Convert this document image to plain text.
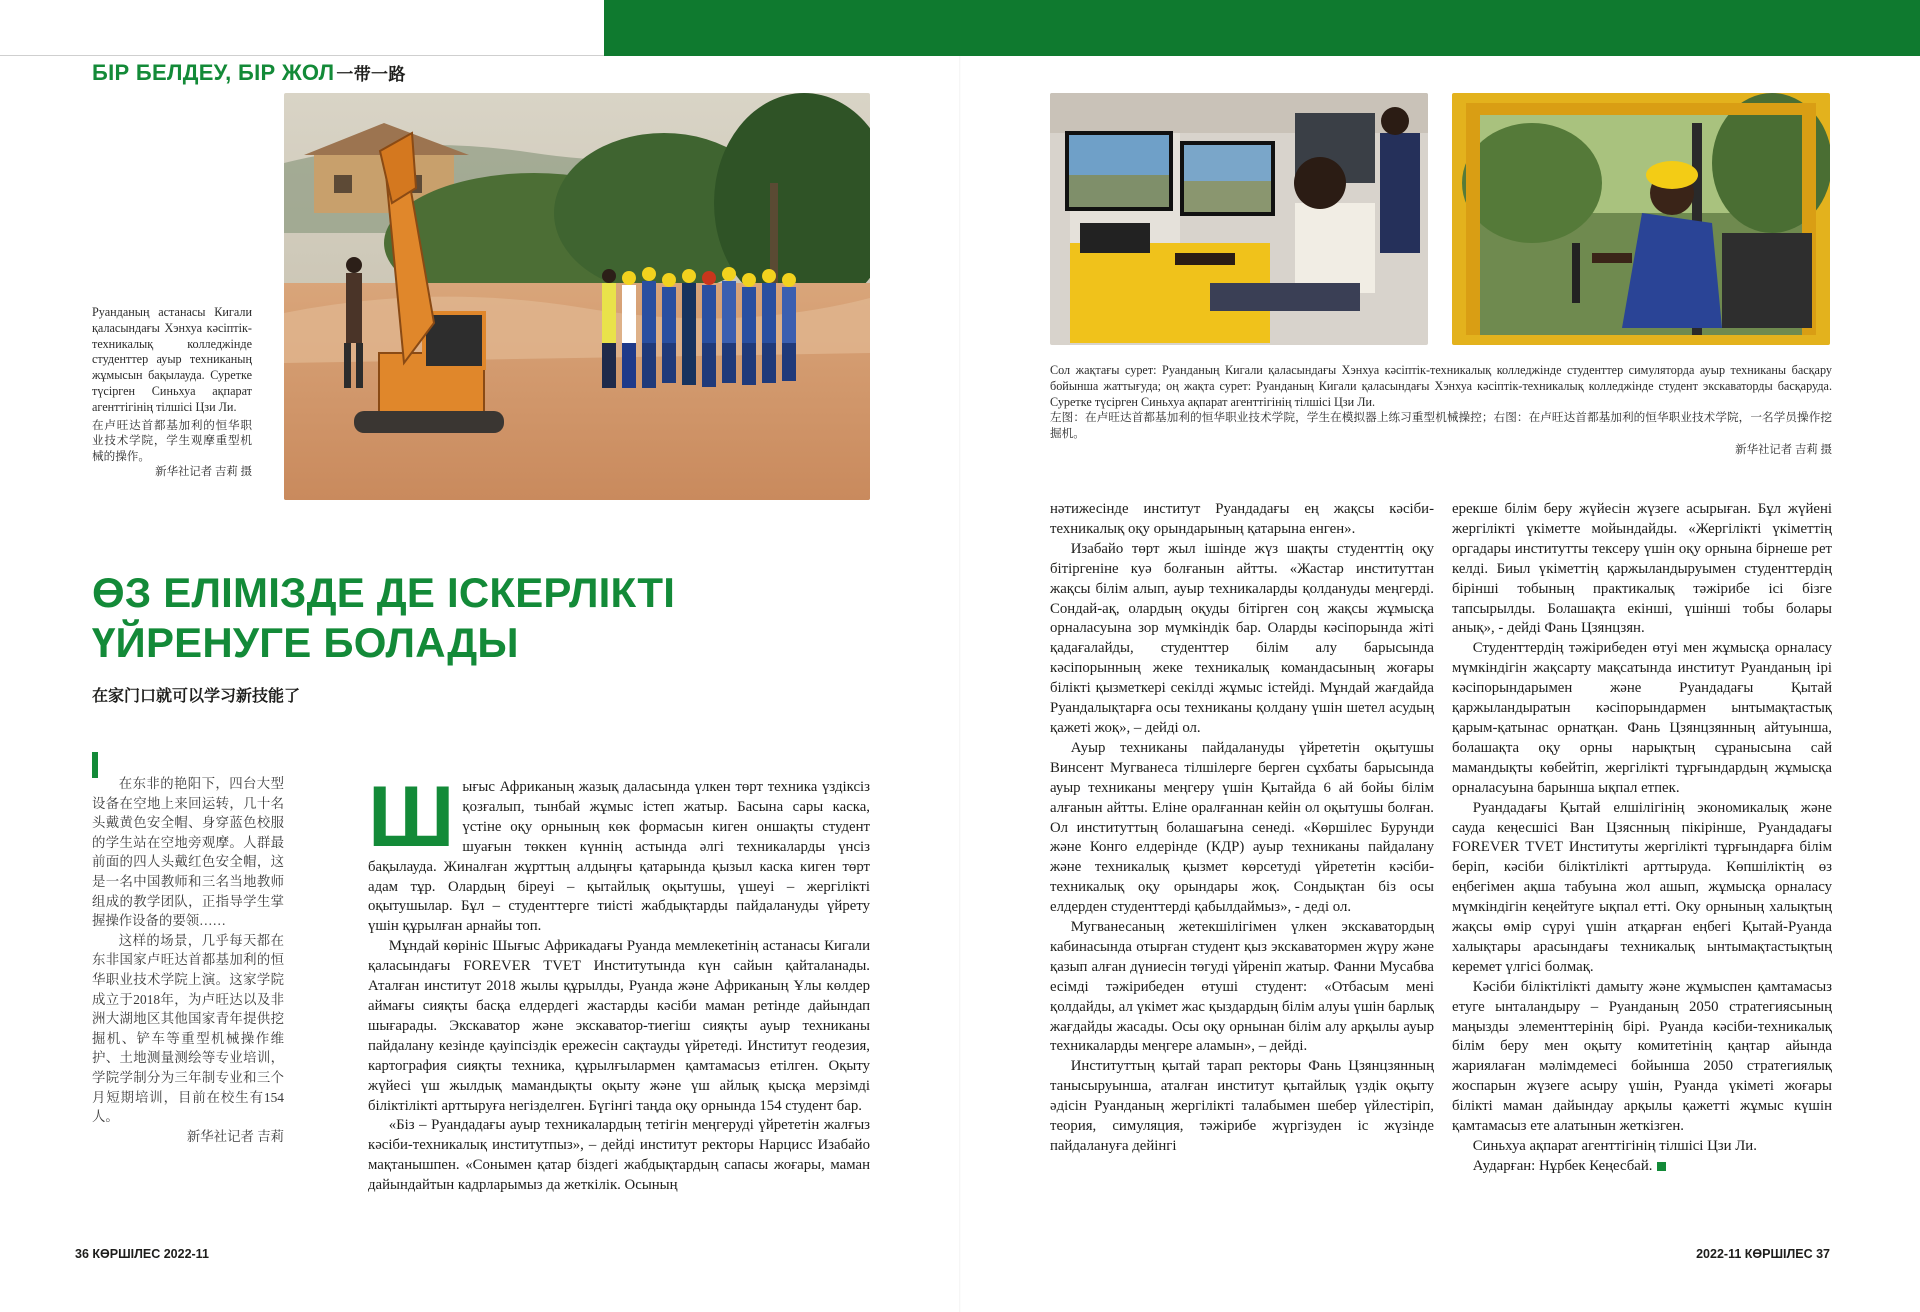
БІР БЕЛДЕУ, БІР ЖОЛ 一带一路
Руанданың астанасы Кигали қаласындағы Хэнхуа кәсіптік-техникалық колледжінде студенттер ауыр техниканың жұмысын бақылауда. Суретке түсірген Синьхуа ақпарат агенттігінің тілшісі Цзи Ли.
在卢旺达首都基加利的恒华职业技术学院，学生观摩重型机械的操作。
新华社记者 吉莉 摄
Сол жақтағы сурет: Руанданың Кигали қаласындағы Хэнхуа кәсіптік-техникалық колледжінде студенттер симуляторда ауыр техниканы басқару бойынша жаттығуда; оң жақта сурет: Руанданың Кигали қаласындағы Хэнхуа кәсіптік-техникалық колледжінде студент экскаваторды басқаруда. Суретке түсірген Синьхуа ақпарат агенттігінің тілшісі Цзи Ли.
左图：在卢旺达首都基加利的恒华职业技术学院，学生在模拟器上练习重型机械操控；右图：在卢旺达首都基加利的恒华职业技术学院，一名学员操作挖掘机。
新华社记者 吉莉 摄
ӨЗ ЕЛІМІЗДЕ ДЕ ІСКЕРЛІКТІ ҮЙРЕНУГЕ БОЛАДЫ
在家门口就可以学习新技能了

在东非的艳阳下，四台大型设备在空地上来回运转，几十名头戴黄色安全帽、身穿蓝色校服的学生站在空地旁观摩。人群最前面的四人头戴红色安全帽，这是一名中国教师和三名当地教师组成的教学团队，正指导学生掌握操作设备的要领……

这样的场景，几乎每天都在东非国家卢旺达首都基加利的恒华职业技术学院上演。这家学院成立于2018年，为卢旺达以及非洲大湖地区其他国家青年提供挖掘机、铲车等重型机械操作维护、土地测量测绘等专业培训，学院学制分为三年制专业和三个月短期培训，目前在校生有154人。

新华社记者 吉莉

Шығыс Африканың жазық даласында үлкен төрт техника үздіксіз қозғалып, тынбай жұмыс істеп жатыр. Басына сары каска, үстіне оқу орнының көк формасын киген оншақты студент шуағын төккен күннің астында әлгі техникаларды үнсіз бақылауда. Жиналған жұрттың алдыңғы қатарында қызыл каска киген төрт адам тұр. Олардың біреуі – қытайлық оқытушы, үшеуі – жергілікті оқытушылар. Бұл – студенттерге тиісті жабдықтарды пайдалануды үйрету үшін құрылған арнайы топ.

Мұндай көрініс Шығыс Африкадағы Руанда мемлекетінің астанасы Кигали қаласындағы FOREVER TVET Институтында күн сайын қайталанады. Аталған институт 2018 жылы құрылды, Руанда және Африканың Ұлы көлдер аймағы сияқты басқа елдердегі жастарды кәсіби маман ретінде дайындап шығарады. Экскаватор және экскаватор-тиегіш сияқты ауыр техниканы пайдалану кезінде қауіпсіздік ережесін сақтауды үйретеді. Институт геодезия, картография сияқты техника, құрылғылармен қамтамасыз етілген. Оқыту жүйесі үш жылдық мамандықты оқыту және үш айлық қысқа мерзімді біліктілікті арттыруға негізделген. Бүгінгі таңда оқу орнында 154 студент бар.

«Біз – Руандадағы ауыр техникалардың тетігін меңгеруді үйрететін жалғыз кәсіби-техникалық институтпыз», – дейді институт ректоры Нарцисс Изабайо мақтанышпен. «Сонымен қатар біздегі жабдықтардың сапасы жоғары, маман дайындайтын кадрларымыз да жеткілік. Осының

нәтижесінде институт Руандадағы ең жақсы кәсіби-техникалық оқу орындарының қатарына енген».

Изабайо төрт жыл ішінде жүз шақты студенттің оқу бітіргеніне куә болғанын айтты. «Жастар институттан жақсы білім алып, ауыр техникаларды қолдануды меңгерді. Сондай-ақ, олардың оқуды бітірген соң жақсы жұмысқа орналасуына зор мүмкіндік бар. Оларды кәсіпорында жіті қадағалайды, студенттер білім алу барысында кәсіпорынның жеке техникалық командасының жоғары білікті қызметкері секілді жұмыс істейді. Мұндай жағдайда Руандалықтарға осы техниканы қолдану үшін шетел асудың қажеті жоқ», – дейді ол.

Ауыр техниканы пайдалануды үйрететін оқытушы Винсент Мугванеса тілшілерге берген сұхбаты барысында ауыр техниканы меңгеру үшін Қытайда 6 ай бойы білім алғанын айтты. Еліне оралғаннан кейін ол оқытушы болған. Ол институттың болашағына сенеді. «Көршілес Бурунди және Конго елдерінде (КДР) ауыр техниканы пайдалану және техникалық қызмет көрсетуді үйрететін кәсіби-техникалық оқу орындары жоқ. Сондықтан біз осы елдерден студенттерді қабылдаймыз», - деді ол.

Мугванесаның жетекшілігімен үлкен экскаватордың кабинасында отырған студент қыз экскаватормен жүру және қазып алған дүниесін төгуді үйреніп жатыр. Фанни Мусабва есімді тәжірибеден өтуші студент: «Отбасым мені қолдайды, ал үкімет жас қыздардың білім алуы үшін барлық жағдайды жасады. Осы оқу орнынан білім алу арқылы ауыр техникаларды меңгере аламын», – дейді.

Институттың қытай тарап ректоры Фань Цзянцзянның танысыруынша, аталған институт қытайлық үздік оқыту әдісін Руанданың жергілікті талабымен шебер үйлестіріп, теория, симуляция, тәжірибе жүргізуден іс жүзінде пайдалануға дейінгі

ерекше білім беру жүйесін жүзеге асырыған. Бұл жүйені жергілікті үкіметте мойындайды. «Жергілікті үкіметтің оргадары институтты тексеру үшін оқу орнына бірнеше рет келді. Биыл үкіметтің қаржыландыруымен студенттердің бірінші тобының практикалық тәжірибе ісі бізге тапсырылды. Болашақта екінші, үшінші тобы болары анық», - дейді Фань Цзянцзян.

Студенттердің тәжірибеден өтуі мен жұмысқа орналасу мүмкіндігін жақсарту мақсатында институт Руанданың ірі кәсіпорындарымен және Руандадағы Қытай қаржыландыратын кәсіпорындармен ынтымақтастық қарым-қатынас орнатқан. Фань Цзянцзянның айтуынша, болашақта оқу орны нарықтың сұранысына сай мамандықты көбейтіп, жергілікті тұрғындардың жұмысқа орналасуына барынша ықпал етпек.

Руандадағы Қытай елшілігінің экономикалық және сауда кеңесшісі Ван Цзяснның пікірінше, Руандадағы FOREVER TVET Институты жергілікті тұрғындарға білім беріп, кәсіби біліктілікті арттыруда. Көпшіліктің өз еңбегімен ақша табуына жол ашып, жұмысқа орналасу мүмкіндігін кеңейтуге ықпал етті. Оку орнының халықтың жақсы өмір сүруі үшін атқарған еңбегі Қытай-Руанда халықтары арасындағы техникалық ынтымақтастықтың керемет үлгісі болмақ.

Кәсіби біліктілікті дамыту және жұмыспен қамтамасыз етуге ынталандыру – Руанданың 2050 стратегиясының маңызды элементтерінің бірі. Руанда кәсіби-техникалық білім беру мен оқыту комитетінің қаңтар айында жариялаған мәлімдемесі бойынша 2050 стратегиялық жоспарын жүзеге асыру үшін, Руанда үкіметі жоғары білікті маман дайындау арқылы қажетті жұмыс күшін қамтамасыз ете алатынын жеткізген.

Синьхуа ақпарат агенттігінің тілшісі Цзи Ли.

Аударған: Нұрбек Кеңесбай.

36 КӨРШІЛЕС 2022-11	2022-11 КӨРШІЛЕС 37
